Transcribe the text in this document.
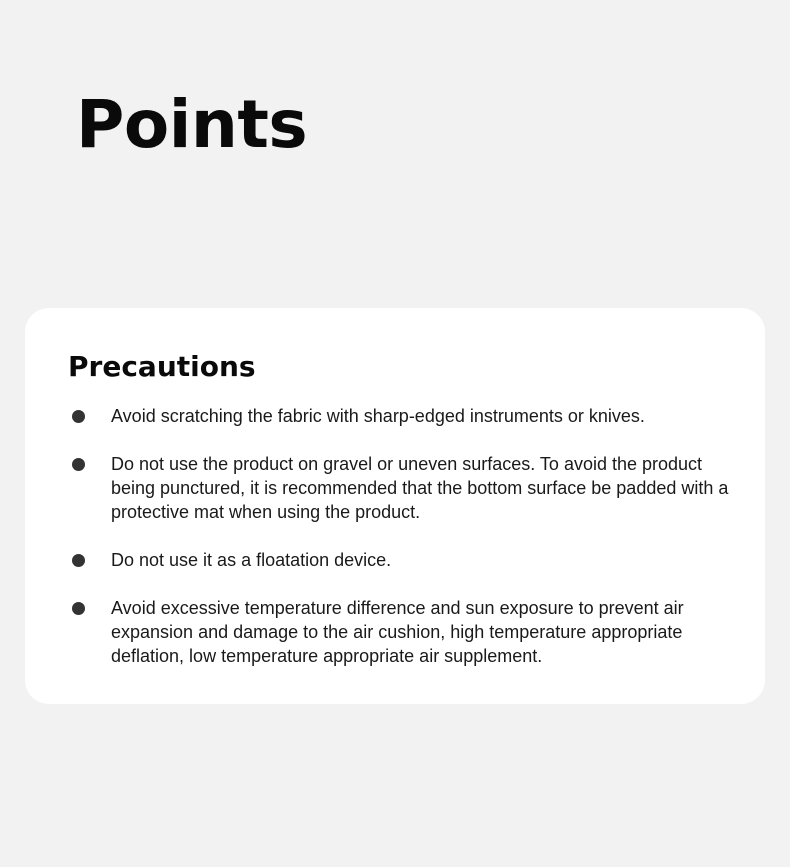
Points
Precautions
Avoid scratching the fabric with sharp-edged instruments or knives.
Do not use the product on gravel or uneven surfaces. To avoid the product being punctured, it is recommended that the bottom surface be padded with a protective mat when using the product.
Do not use it as a floatation device.
Avoid excessive temperature difference and sun exposure to prevent air expansion and damage to the air cushion, high temperature appropriate deflation, low temperature appropriate air supplement.
